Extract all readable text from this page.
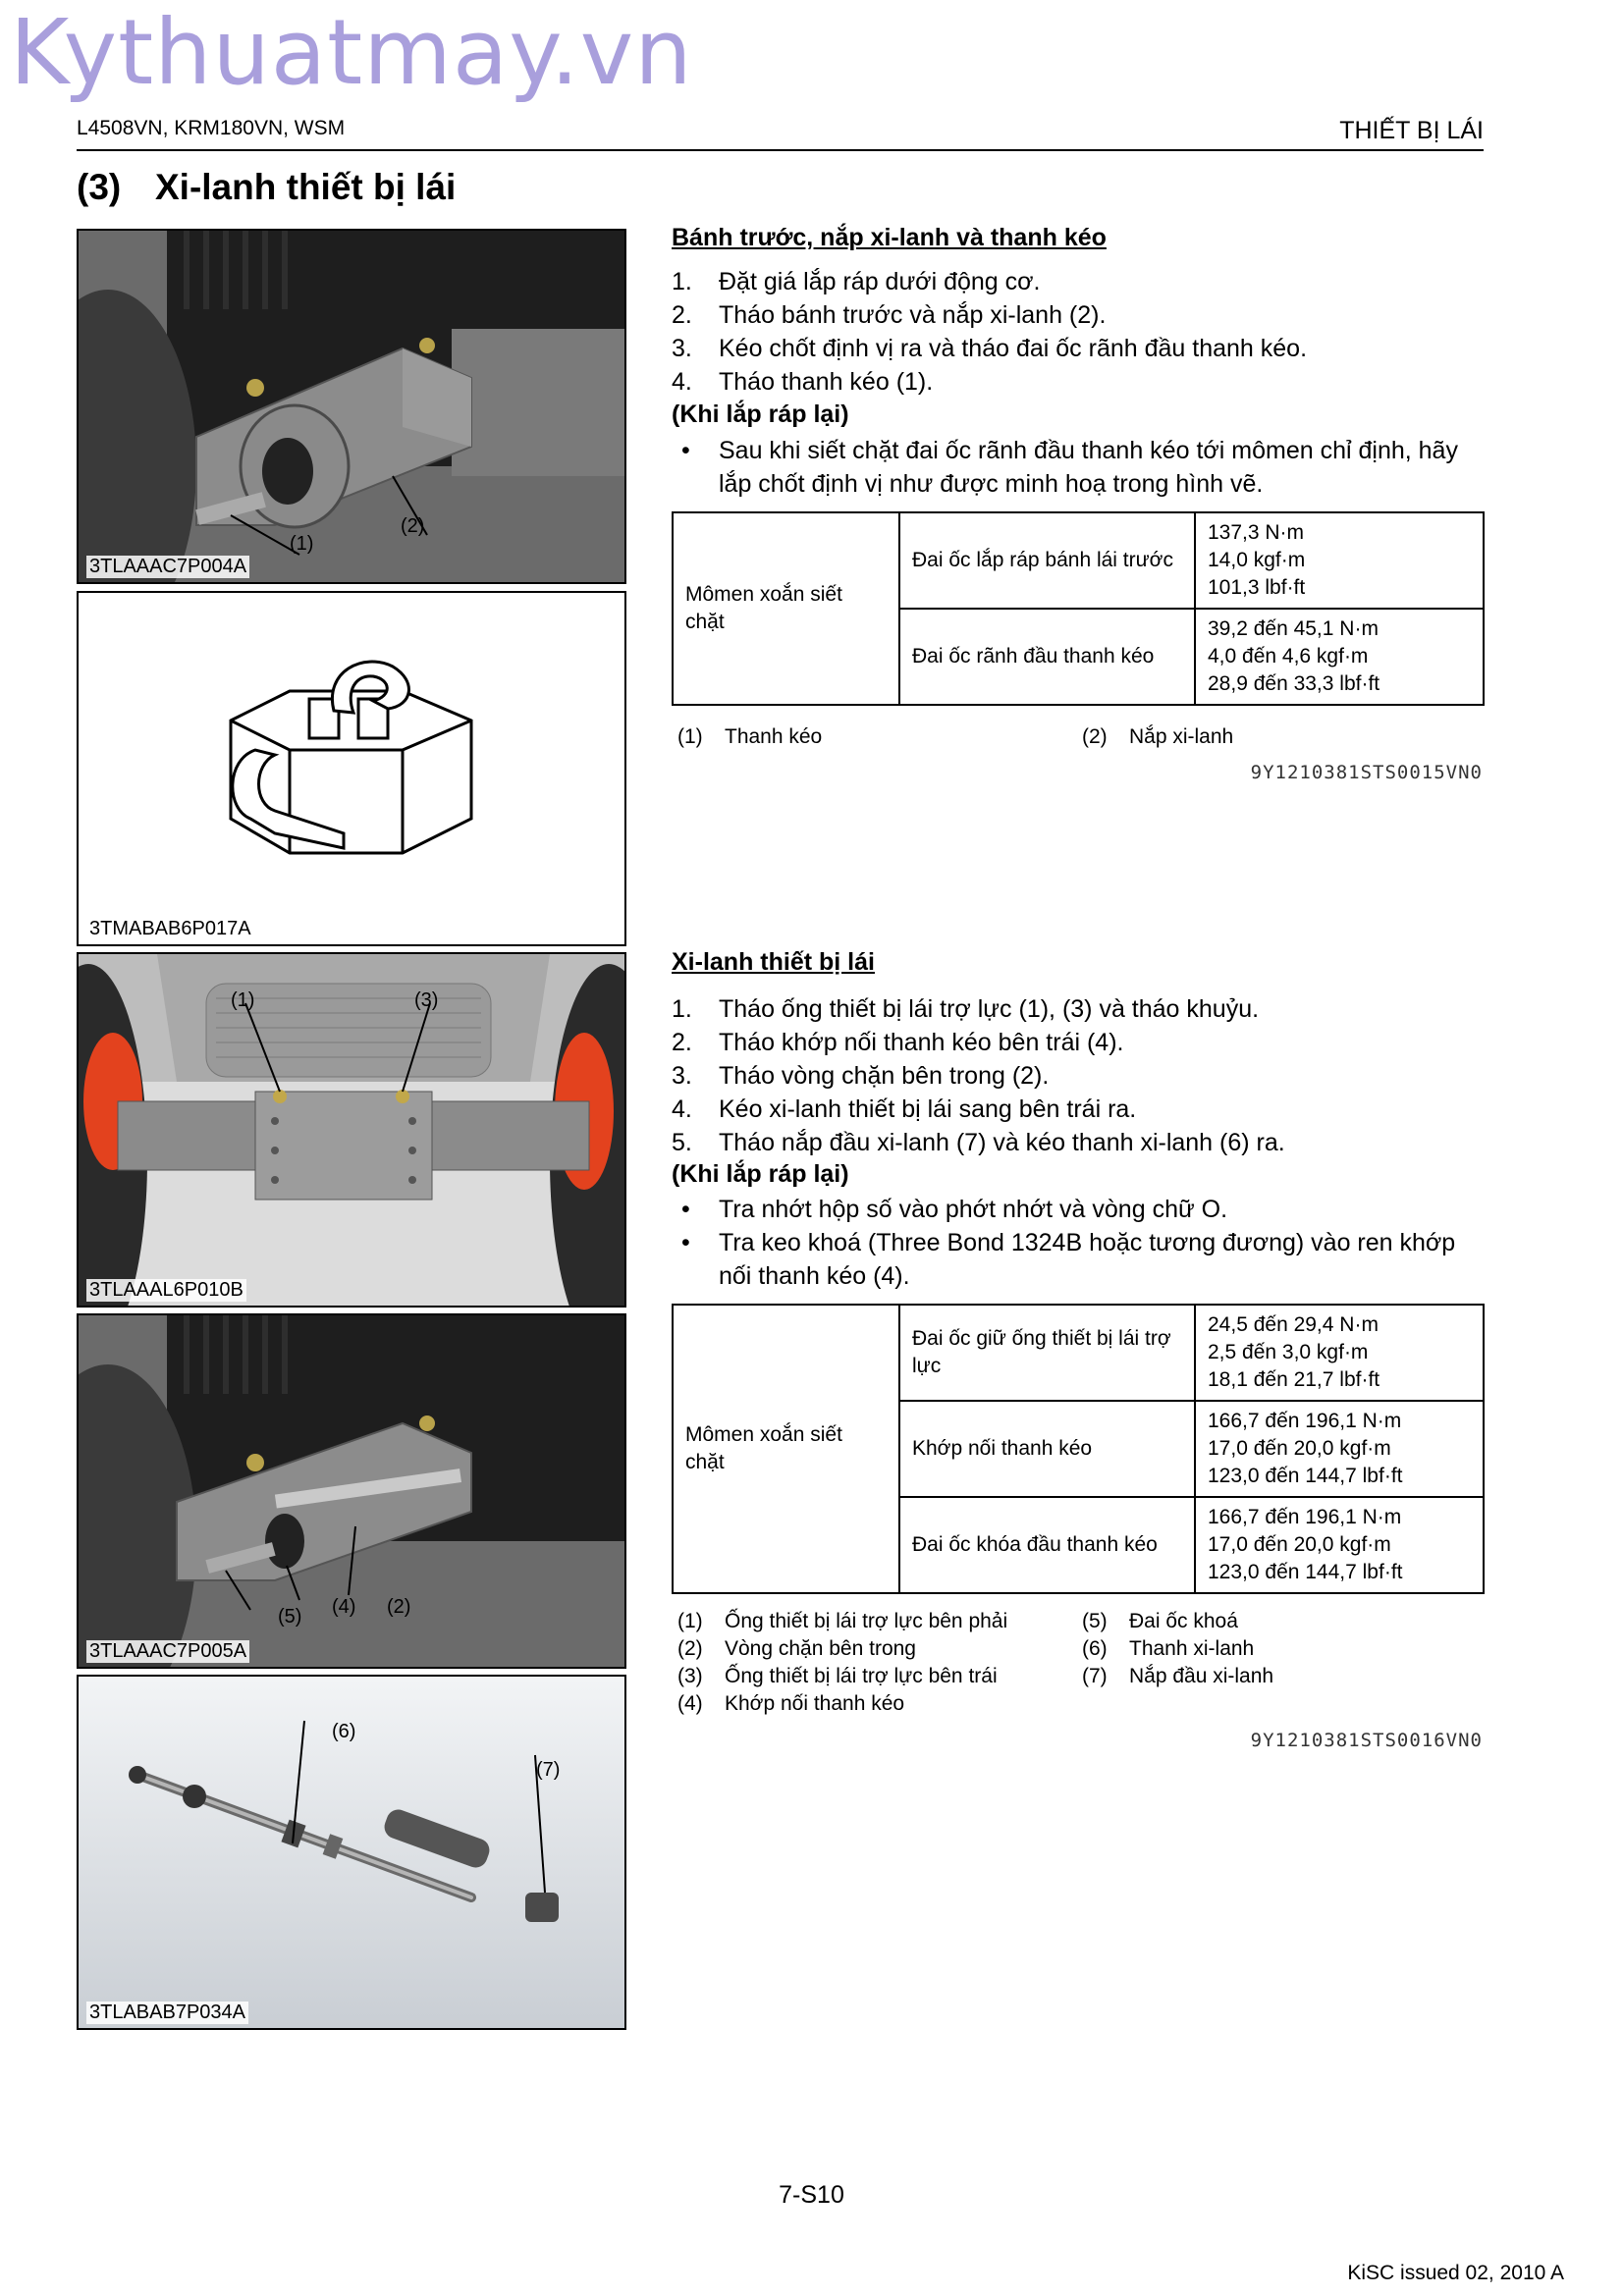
Kythuatmay.vn
L4508VN, KRM180VN, WSM	THIẾT BỊ LÁI
(3) Xi-lanh thiết bị lái
(1)
(2)
3TLAAAC7P004A
3TMABAB6P017A
(1)	(3)
3TLAAAL6P010B
(5) (4) (2)
3TLAAAC7P005A
(6)
(7)
3TLABAB7P034A
Bánh trước, nắp xi-lanh và thanh kéo
1.	Đặt giá lắp ráp dưới động cơ.
2.	Tháo bánh trước và nắp xi-lanh (2).
3.	Kéo chốt định vị ra và tháo đai ốc rãnh đầu thanh kéo.
4.	Tháo thanh kéo (1).
(Khi lắp ráp lại)
•	Sau khi siết chặt đai ốc rãnh đầu thanh kéo tới mômen chỉ định, hãy lắp chốt định vị như được minh hoạ trong hình vẽ.
Mômen xoắn siết chặt	Đai ốc lắp ráp bánh lái trước	137,3 N·m
14,0 kgf·m
101,3 lbf·ft

	Đai ốc rãnh đầu thanh kéo	39,2 đến 45,1 N·m
4,0 đến 4,6 kgf·m
28,9 đến 33,3 lbf·ft
(1)	Thanh kéo	(2)	Nắp xi-lanh
9Y1210381STS0015VN0
Xi-lanh thiết bị lái
1.	Tháo ống thiết bị lái trợ lực (1), (3) và tháo khuỷu.
2.	Tháo khớp nối thanh kéo bên trái (4).
3.	Tháo vòng chặn bên trong (2).
4.	Kéo xi-lanh thiết bị lái sang bên trái ra.
5.	Tháo nắp đầu xi-lanh (7) và kéo thanh xi-lanh (6) ra.
(Khi lắp ráp lại)
•	Tra nhớt hộp số vào phớt nhớt và vòng chữ O.
•	Tra keo khoá (Three Bond 1324B hoặc tương đương) vào ren khớp nối thanh kéo (4).
Mômen xoắn siết chặt	Đai ốc giữ ống thiết bị lái trợ lực	24,5 đến 29,4 N·m
2,5 đến 3,0 kgf·m
18,1 đến 21,7 lbf·ft

	Khớp nối thanh kéo	166,7 đến 196,1 N·m
17,0 đến 20,0 kgf·m
123,0 đến 144,7 lbf·ft

	Đai ốc khóa đầu thanh kéo	166,7 đến 196,1 N·m
17,0 đến 20,0 kgf·m
123,0 đến 144,7 lbf·ft
(1)	Ống thiết bị lái trợ lực bên phải
(2)	Vòng chặn bên trong
(3)	Ống thiết bị lái trợ lực bên trái
(4)	Khớp nối thanh kéo
(5)	Đai ốc khoá
(6)	Thanh xi-lanh
(7)	Nắp đầu xi-lanh
9Y1210381STS0016VN0
7-S10
KiSC issued 02, 2010 A
